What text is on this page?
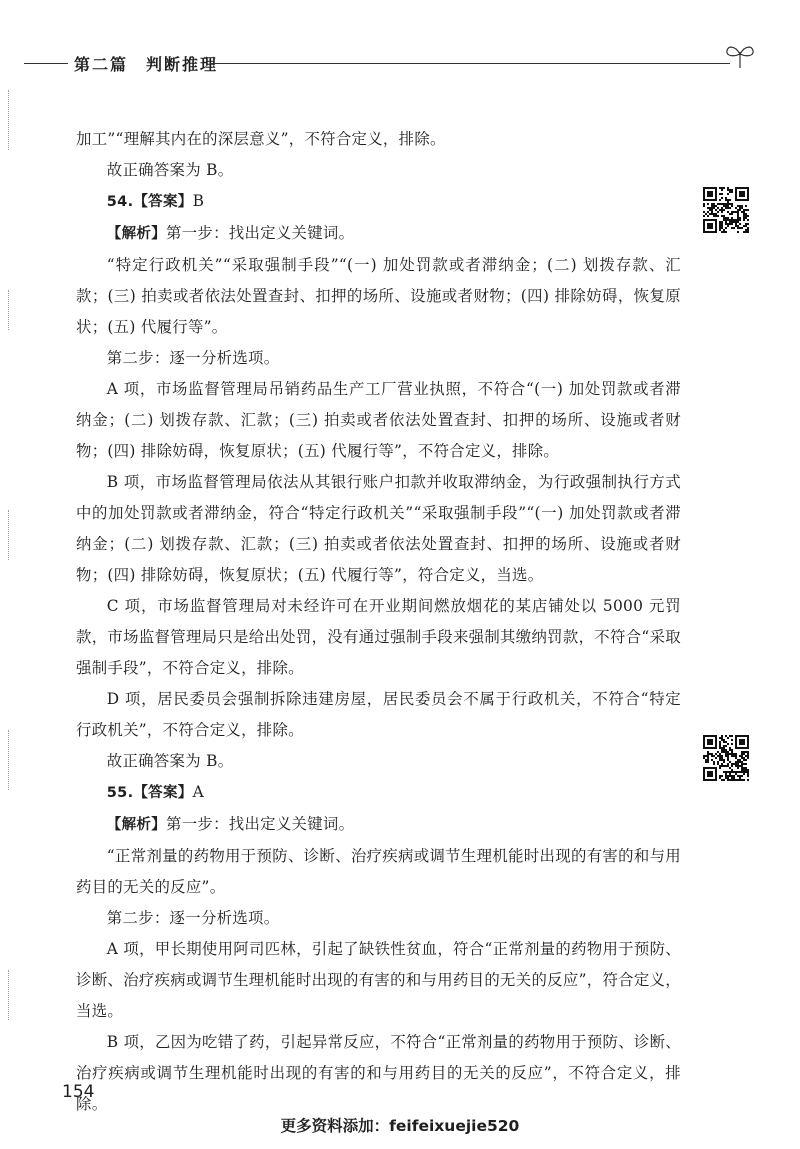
第二篇　判断推理

加工”“理解其内在的深层意义”，不符合定义，排除。

故正确答案为 B。

54.【答案】B

【解析】第一步：找出定义关键词。

“特定行政机关”“采取强制手段”“(一) 加处罚款或者滞纳金；(二) 划拨存款、汇款；(三) 拍卖或者依法处置查封、扣押的场所、设施或者财物；(四) 排除妨碍，恢复原状；(五) 代履行等”。

第二步：逐一分析选项。

A 项，市场监督管理局吊销药品生产工厂营业执照，不符合“(一) 加处罚款或者滞纳金；(二) 划拨存款、汇款；(三) 拍卖或者依法处置查封、扣押的场所、设施或者财物；(四) 排除妨碍，恢复原状；(五) 代履行等”，不符合定义，排除。

B 项，市场监督管理局依法从其银行账户扣款并收取滞纳金，为行政强制执行方式中的加处罚款或者滞纳金，符合“特定行政机关”“采取强制手段”“(一) 加处罚款或者滞纳金；(二) 划拨存款、汇款；(三) 拍卖或者依法处置查封、扣押的场所、设施或者财物；(四) 排除妨碍，恢复原状；(五) 代履行等”，符合定义，当选。

C 项，市场监督管理局对未经许可在开业期间燃放烟花的某店铺处以 5000 元罚款，市场监督管理局只是给出处罚，没有通过强制手段来强制其缴纳罚款，不符合“采取强制手段”，不符合定义，排除。

D 项，居民委员会强制拆除违建房屋，居民委员会不属于行政机关，不符合“特定行政机关”，不符合定义，排除。

故正确答案为 B。

55.【答案】A

【解析】第一步：找出定义关键词。

“正常剂量的药物用于预防、诊断、治疗疾病或调节生理机能时出现的有害的和与用药目的无关的反应”。

第二步：逐一分析选项。

A 项，甲长期使用阿司匹林，引起了缺铁性贫血，符合“正常剂量的药物用于预防、诊断、治疗疾病或调节生理机能时出现的有害的和与用药目的无关的反应”，符合定义，当选。

B 项，乙因为吃错了药，引起异常反应，不符合“正常剂量的药物用于预防、诊断、治疗疾病或调节生理机能时出现的有害的和与用药目的无关的反应”，不符合定义，排除。

154
更多资料添加：feifeixuejie520
